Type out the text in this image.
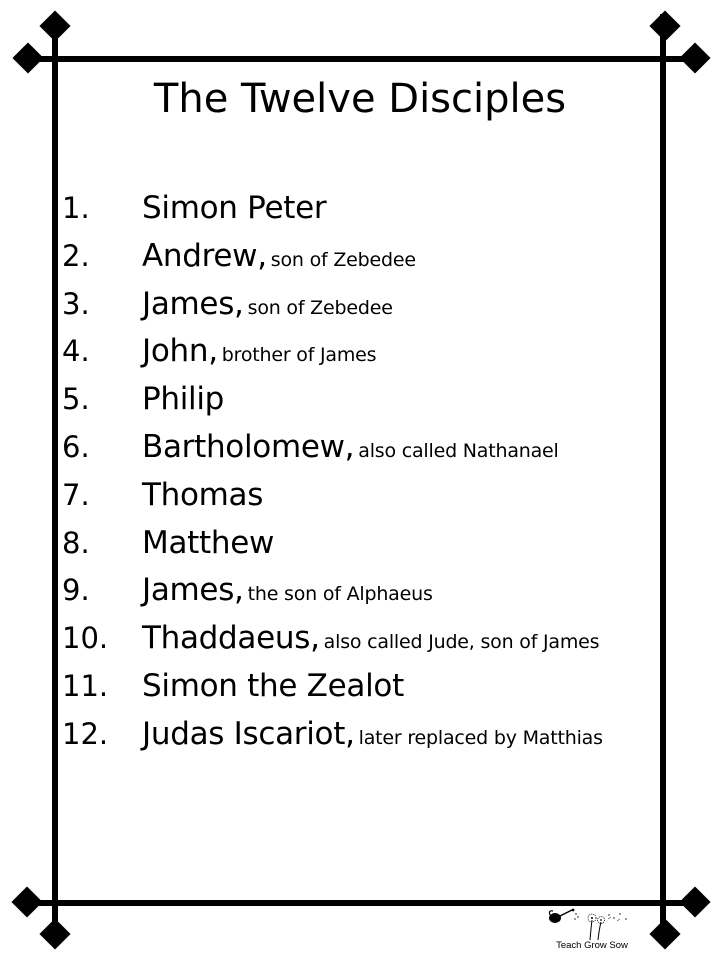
The Twelve Disciples
1. Simon Peter
2. Andrew, son of Zebedee
3. James, son of Zebedee
4. John, brother of James
5. Philip
6. Bartholomew, also called Nathanael
7. Thomas
8. Matthew
9. James, the son of Alphaeus
10. Thaddaeus, also called Jude, son of James
11. Simon the Zealot
12. Judas Iscariot, later replaced by Matthias
Teach Grow Sow
